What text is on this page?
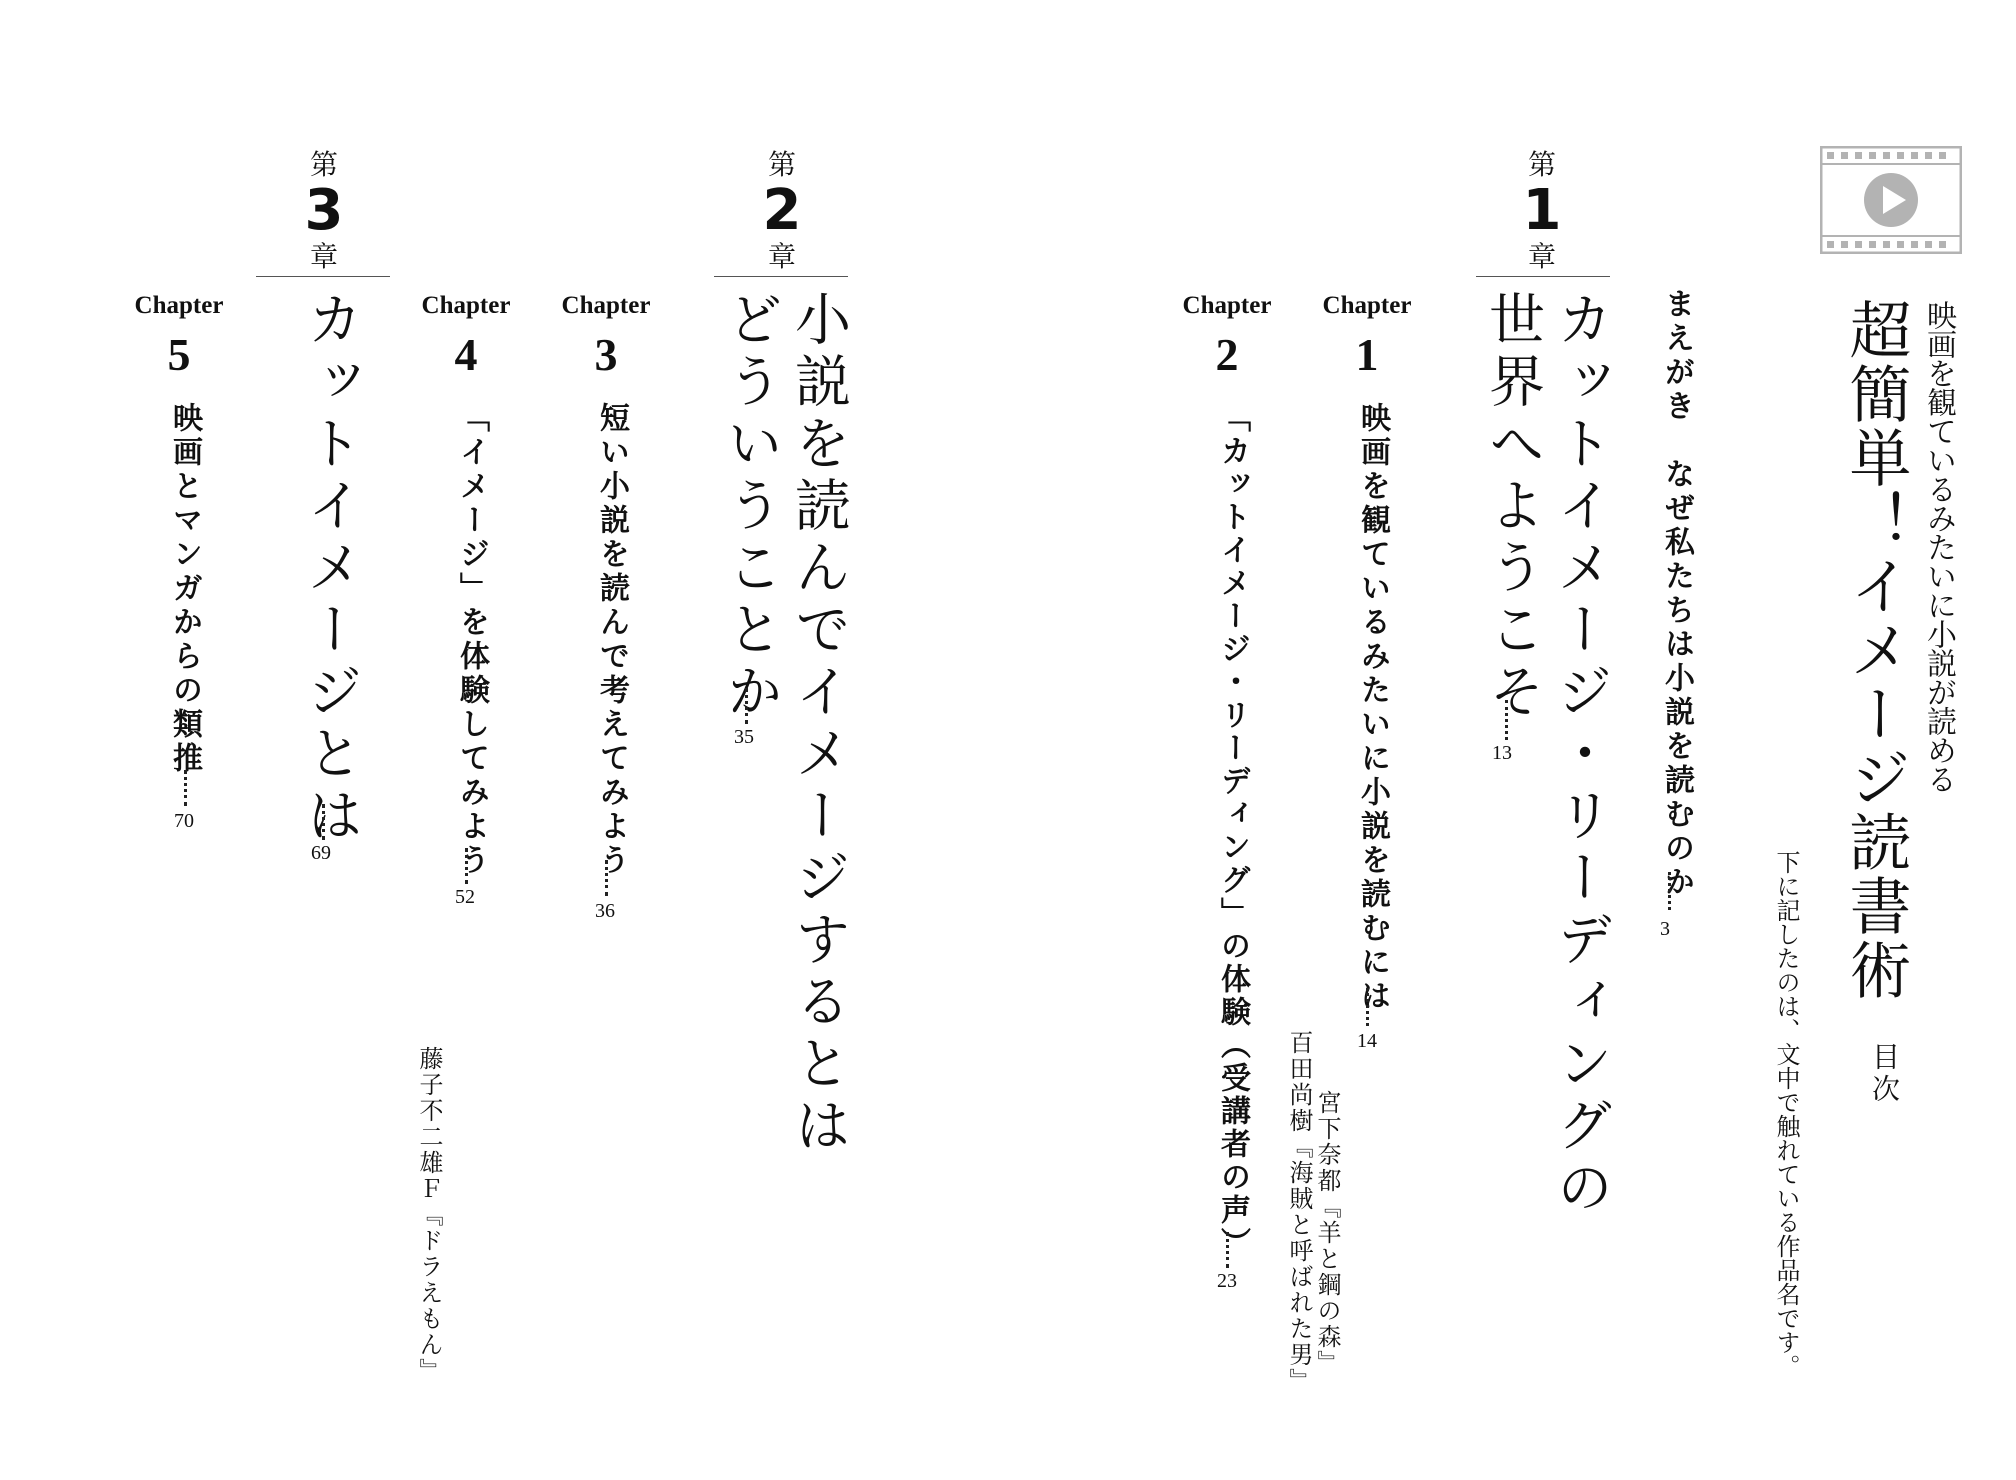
映画を観ているみたいに小説が読める
超簡単！イメージ読書術
目次
下に記したのは、文中で触れている作品名です。
まえがき　なぜ私たちは小説を読むのか
3
第
1
章
カットイメージ・リーディングの
世界へようこそ
13
Chapter
1
映画を観ているみたいに小説を読むには
14
宮下奈都『羊と鋼の森』
百田尚樹『海賊と呼ばれた男』
Chapter
2
「カットイメージ・リーディング」の体験（受講者の声）
23
第
2
章
小説を読んでイメージするとは
どういうことか
35
Chapter
3
短い小説を読んで考えてみよう
36
Chapter
4
「イメージ」を体験してみよう
52
藤子不二雄Ｆ『ドラえもん』
第
3
章
カットイメージとは
69
Chapter
5
映画とマンガからの類推
70
